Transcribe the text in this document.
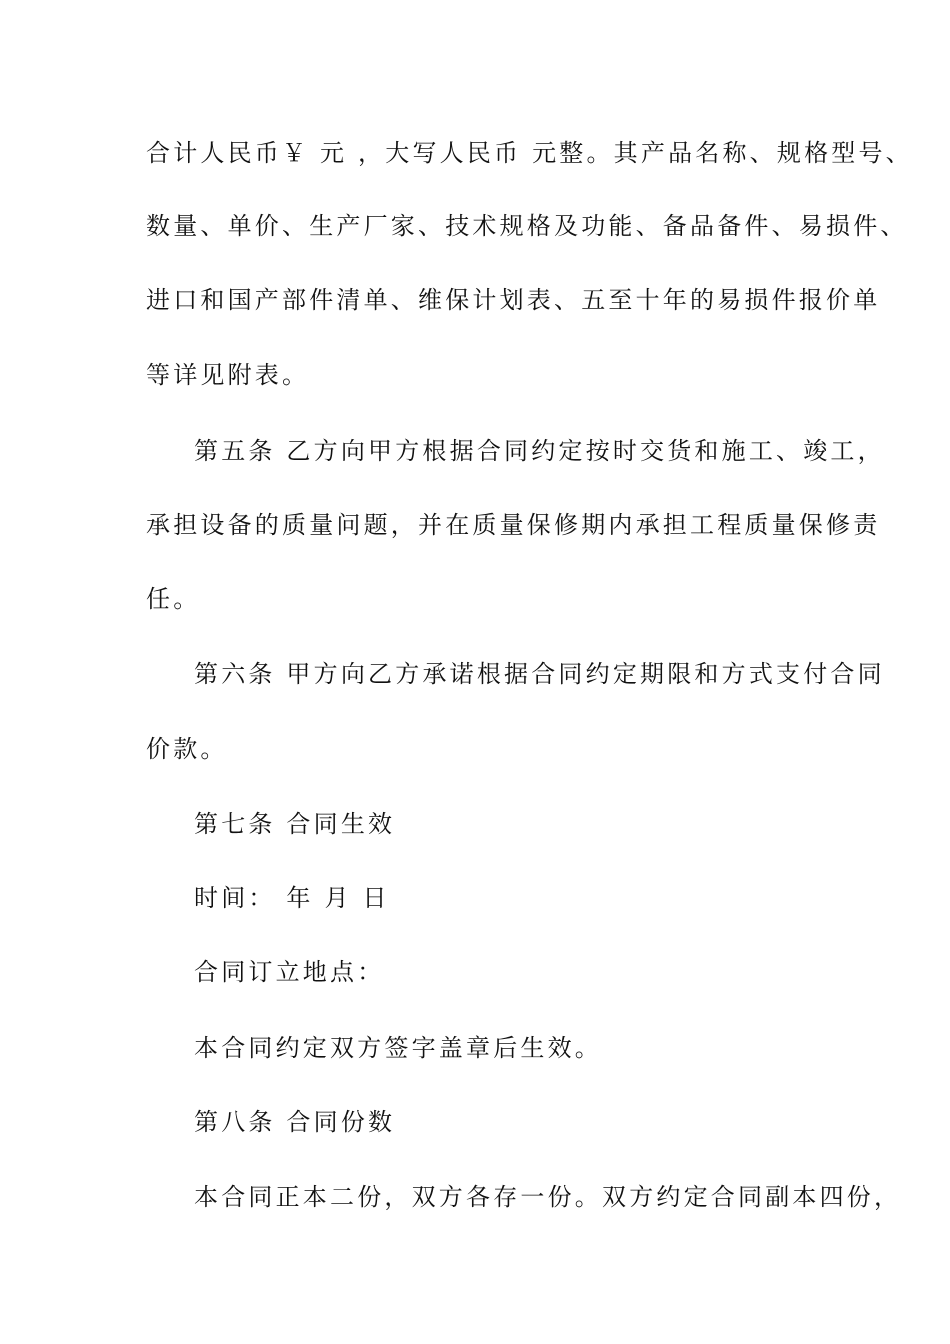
合计人民币￥ 元 ，大写人民币 元整。其产品名称、规格型号、
数量、单价、生产厂家、技术规格及功能、备品备件、易损件、
进口和国产部件清单、维保计划表、五至十年的易损件报价单
等详见附表。
第五条 乙方向甲方根据合同约定按时交货和施工、竣工，
承担设备的质量问题，并在质量保修期内承担工程质量保修责
任。
第六条 甲方向乙方承诺根据合同约定期限和方式支付合同
价款。
第七条 合同生效
时间： 年 月 日
合同订立地点：
本合同约定双方签字盖章后生效。
第八条 合同份数
本合同正本二份，双方各存一份。双方约定合同副本四份，
